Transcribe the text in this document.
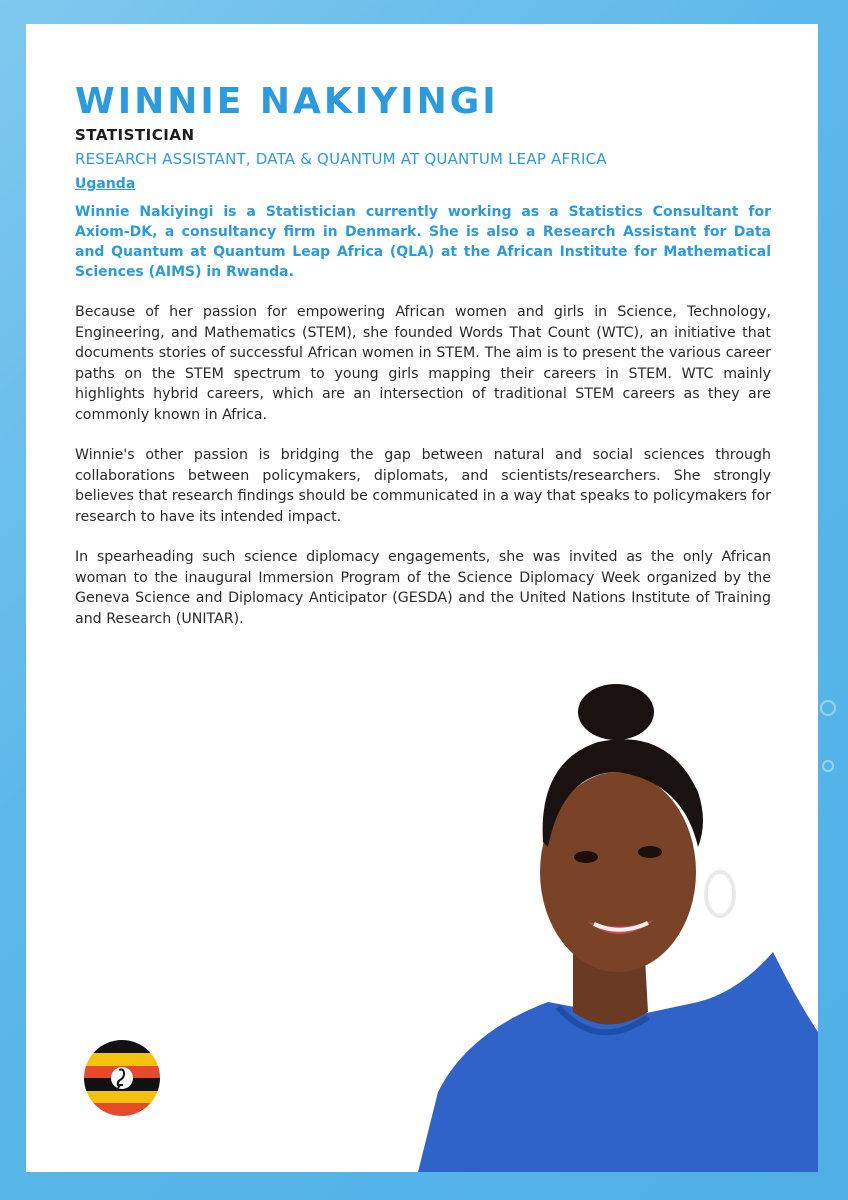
WINNIE NAKIYINGI
STATISTICIAN
RESEARCH ASSISTANT, DATA & QUANTUM AT QUANTUM LEAP AFRICA
Uganda
Winnie Nakiyingi is a Statistician currently working as a Statistics Consultant for Axiom-DK, a consultancy firm in Denmark. She is also a Research Assistant for Data and Quantum at Quantum Leap Africa (QLA) at the African Institute for Mathematical Sciences (AIMS) in Rwanda.
Because of her passion for empowering African women and girls in Science, Technology, Engineering, and Mathematics (STEM), she founded Words That Count (WTC), an initiative that documents stories of successful African women in STEM. The aim is to present the various career paths on the STEM spectrum to young girls mapping their careers in STEM. WTC mainly highlights hybrid careers, which are an intersection of traditional STEM careers as they are commonly known in Africa.
Winnie's other passion is bridging the gap between natural and social sciences through collaborations between policymakers, diplomats, and scientists/researchers. She strongly believes that research findings should be communicated in a way that speaks to policymakers for research to have its intended impact.
In spearheading such science diplomacy engagements, she was invited as the only African woman to the inaugural Immersion Program of the Science Diplomacy Week organized by the Geneva Science and Diplomacy Anticipator (GESDA) and the United Nations Institute of Training and Research (UNITAR).
